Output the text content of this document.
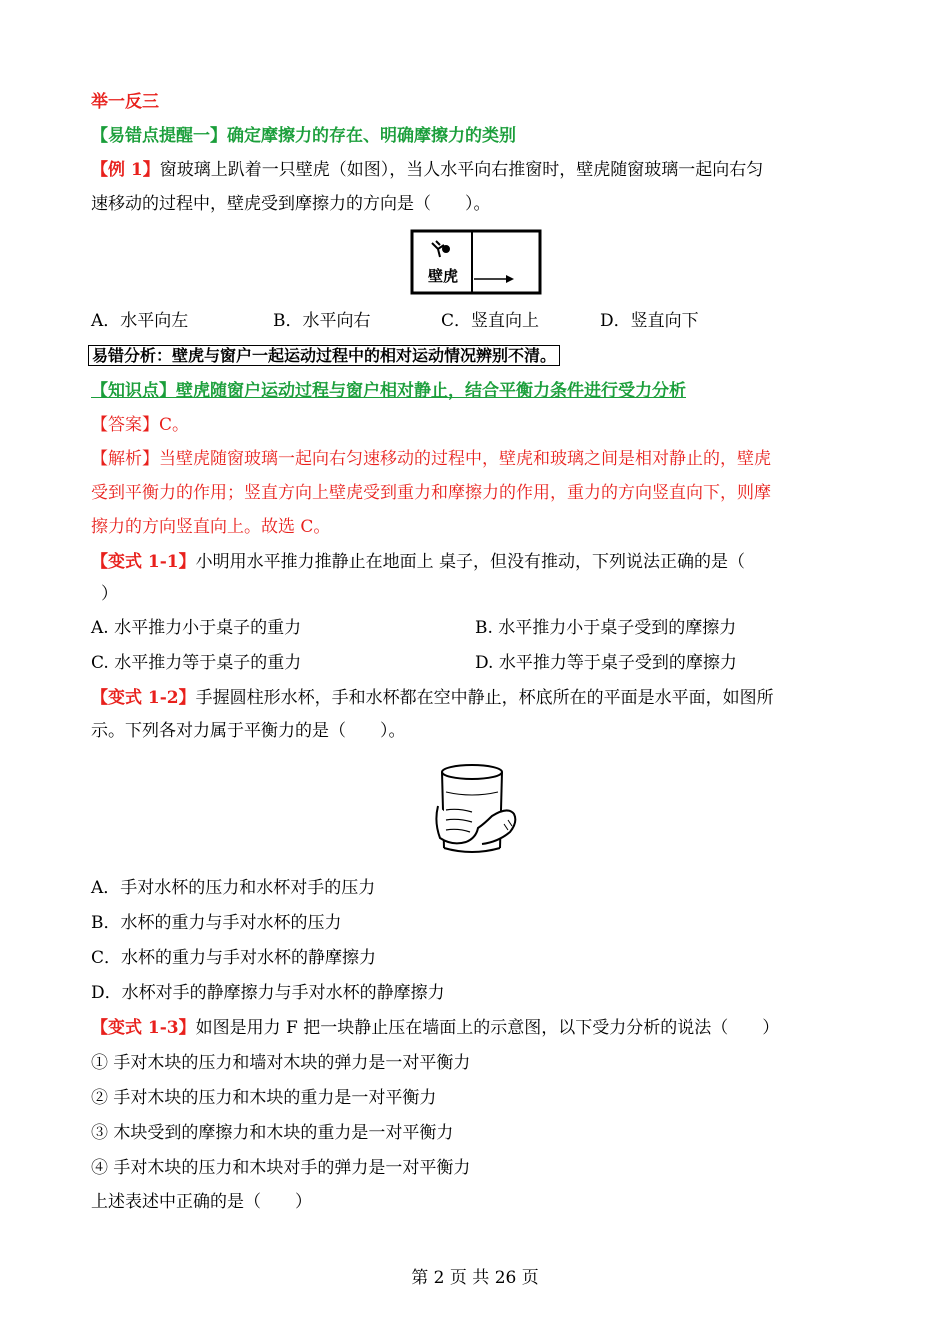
举一反三
【易错点提醒一】确定摩擦力的存在、明确摩擦力的类别
【例 1】窗玻璃上趴着一只壁虎（如图），当人水平向右推窗时，壁虎随窗玻璃一起向右匀
速移动的过程中，壁虎受到摩擦力的方向是（　　）。
壁虎
A．水平向左	B．水平向右	C．竖直向上	D．竖直向下
易错分析：壁虎与窗户一起运动过程中的相对运动情况辨别不清。
【知识点】壁虎随窗户运动过程与窗户相对静止，结合平衡力条件进行受力分析
【答案】C。
【解析】当壁虎随窗玻璃一起向右匀速移动的过程中，壁虎和玻璃之间是相对静止的，壁虎
受到平衡力的作用；竖直方向上壁虎受到重力和摩擦力的作用，重力的方向竖直向下，则摩
擦力的方向竖直向上。故选 C。
【变式 1-1】小明用水平推力推静止在地面上 桌子，但没有推动，下列说法正确的是（
）
A. 水平推力小于桌子的重力	B. 水平推力小于桌子受到的摩擦力
C. 水平推力等于桌子的重力	D. 水平推力等于桌子受到的摩擦力
【变式 1-2】手握圆柱形水杯，手和水杯都在空中静止，杯底所在的平面是水平面，如图所
示。下列各对力属于平衡力的是（　　）。
A．手对水杯的压力和水杯对手的压力
B．水杯的重力与手对水杯的压力
C．水杯的重力与手对水杯的静摩擦力
D．水杯对手的静摩擦力与手对水杯的静摩擦力
【变式 1-3】如图是用力 F 把一块静止压在墙面上的示意图，以下受力分析的说法（　　）
① 手对木块的压力和墙对木块的弹力是一对平衡力
② 手对木块的压力和木块的重力是一对平衡力
③ 木块受到的摩擦力和木块的重力是一对平衡力
④ 手对木块的压力和木块对手的弹力是一对平衡力
上述表述中正确的是（　　）
第 2 页 共 26 页
